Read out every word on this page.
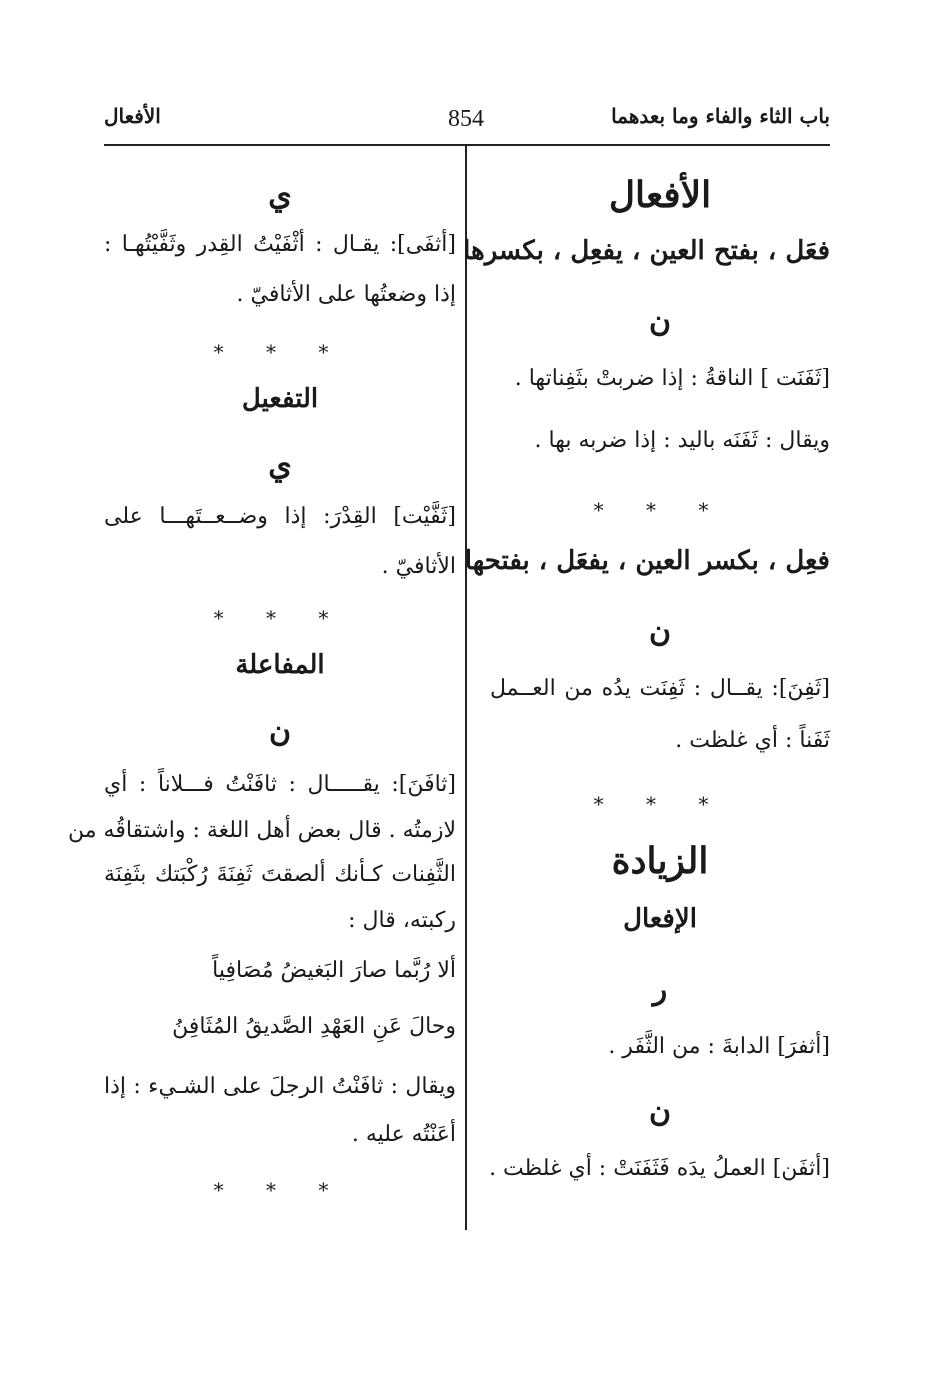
باب الثاء والفاء وما بعدهما
854
الأفعال
الأفعال
فعَل ، بفتح العين ، يفعِل ، بكسرها
ن
[ثَفَنَت ] الناقةُ : إذا ضربتْ بثَفِناتها .
ويقال : ثَفَنَه باليد : إذا ضربه بها .
* * *
فعِل ، بكسر العين ، يفعَل ، بفتحها
ن
[ثَفِنَ]: يقــال : ثَفِنَت يدُه من العــمل
ثَفَناً : أي غلظت .
* * *
الزيادة
الإفعال
ر
[أثفرَ] الدابةَ : من الثَّفَر .
ن
[أثفَن] العملُ يدَه فَثَفَنَتْ : أي غلظت .
ي
[أثفَى]: يقـال : أثْفَيْتُ القِدر وثَفَّيْتُهـا :
إذا وضعتُها على الأثافيّ .
* * *
التفعيل
ي
[ثَفَّيْت] القِدْرَ: إذا وضــعــتَهـــا على
الأثافيّ .
* * *
المفاعلة
ن
[ثافَنَ]: يقـــــال : ثافَنْتُ فـــلاناً : أي
لازمتُه . قال بعض أهل اللغة : واشتقاقُه من
الثَّفِنات كـأنك ألصقتَ ثَفِنَةَ رُكْبَتك بثَفِنَة
ركبته، قال :
ألا رُبَّما صارَ البَغيضُ مُصَافِياً
وحالَ عَنِ العَهْدِ الصَّديقُ المُثَافِنُ
ويقال : ثافَنْتُ الرجلَ على الشـيء : إذا
أعَنْتُه عليه .
* * *
